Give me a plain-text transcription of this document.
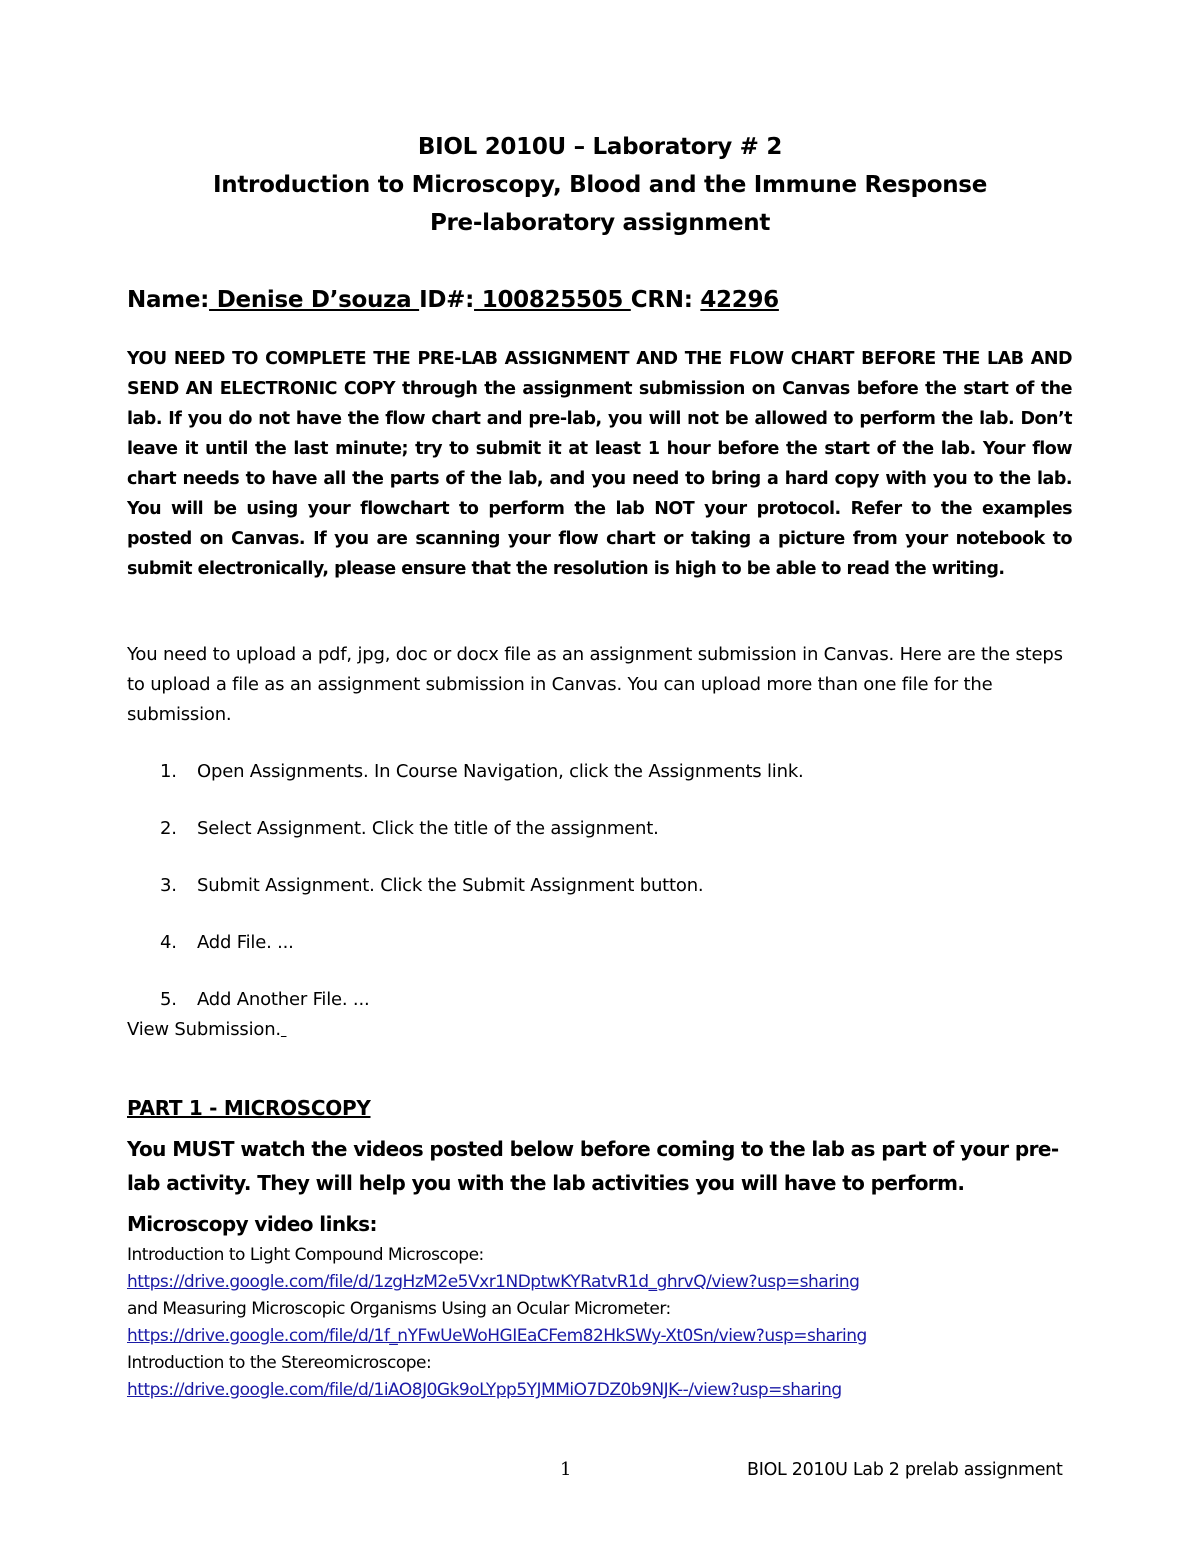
BIOL 2010U – Laboratory # 2
Introduction to Microscopy, Blood and the Immune Response
Pre-laboratory assignment
Name: Denise D’souza ID#: 100825505 CRN: 42296
YOU NEED TO COMPLETE THE PRE-LAB ASSIGNMENT AND THE FLOW CHART BEFORE THE LAB AND SEND AN ELECTRONIC COPY through the assignment submission on Canvas before the start of the lab. If you do not have the flow chart and pre-lab, you will not be allowed to perform the lab. Don’t leave it until the last minute; try to submit it at least 1 hour before the start of the lab. Your flow chart needs to have all the parts of the lab, and you need to bring a hard copy with you to the lab. You will be using your flowchart to perform the lab NOT your protocol. Refer to the examples posted on Canvas. If you are scanning your flow chart or taking a picture from your notebook to submit electronically, please ensure that the resolution is high to be able to read the writing.
You need to upload a pdf, jpg, doc or docx file as an assignment submission in Canvas. Here are the steps to upload a file as an assignment submission in Canvas. You can upload more than one file for the submission.
1. Open Assignments. In Course Navigation, click the Assignments link.
2. Select Assignment. Click the title of the assignment.
3. Submit Assignment. Click the Submit Assignment button.
4. Add File. ...
5. Add Another File. ...
View Submission.
PART 1 - MICROSCOPY
You MUST watch the videos posted below before coming to the lab as part of your pre-lab activity. They will help you with the lab activities you will have to perform.
Microscopy video links:
Introduction to Light Compound Microscope:
https://drive.google.com/file/d/1zgHzM2e5Vxr1NDptwKYRatvR1d_ghrvQ/view?usp=sharing
and Measuring Microscopic Organisms Using an Ocular Micrometer:
https://drive.google.com/file/d/1f_nYFwUeWoHGIEaCFem82HkSWy-Xt0Sn/view?usp=sharing
Introduction to the Stereomicroscope:
https://drive.google.com/file/d/1iAO8J0Gk9oLYpp5YJMMiO7DZ0b9NJK--/view?usp=sharing
1	BIOL 2010U Lab 2 prelab assignment
